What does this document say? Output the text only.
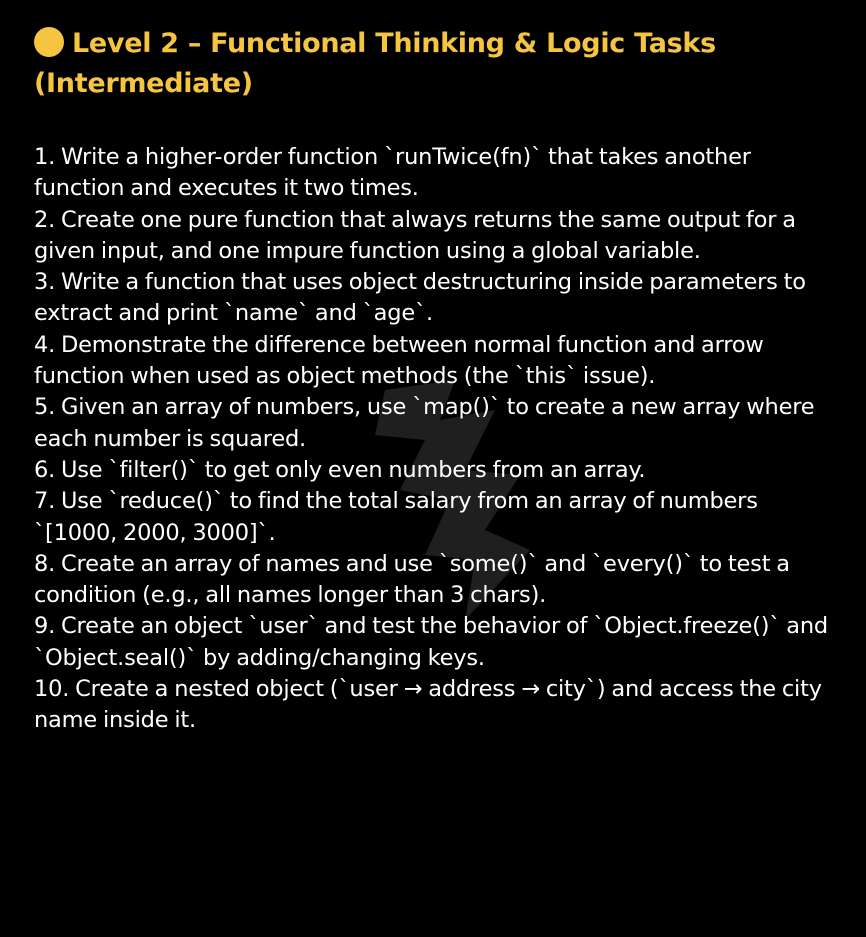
Level 2 – Functional Thinking & Logic Tasks (Intermediate)
1. Write a higher-order function `runTwice(fn)` that takes another function and executes it two times.
2. Create one pure function that always returns the same output for a given input, and one impure function using a global variable.
3. Write a function that uses object destructuring inside parameters to extract and print `name` and `age`.
4. Demonstrate the difference between normal function and arrow function when used as object methods (the `this` issue).
5. Given an array of numbers, use `map()` to create a new array where each number is squared.
6. Use `filter()` to get only even numbers from an array.
7. Use `reduce()` to find the total salary from an array of numbers `[1000, 2000, 3000]`.
8. Create an array of names and use `some()` and `every()` to test a condition (e.g., all names longer than 3 chars).
9. Create an object `user` and test the behavior of `Object.freeze()` and `Object.seal()` by adding/changing keys.
10. Create a nested object (`user → address → city`) and access the city name inside it.
